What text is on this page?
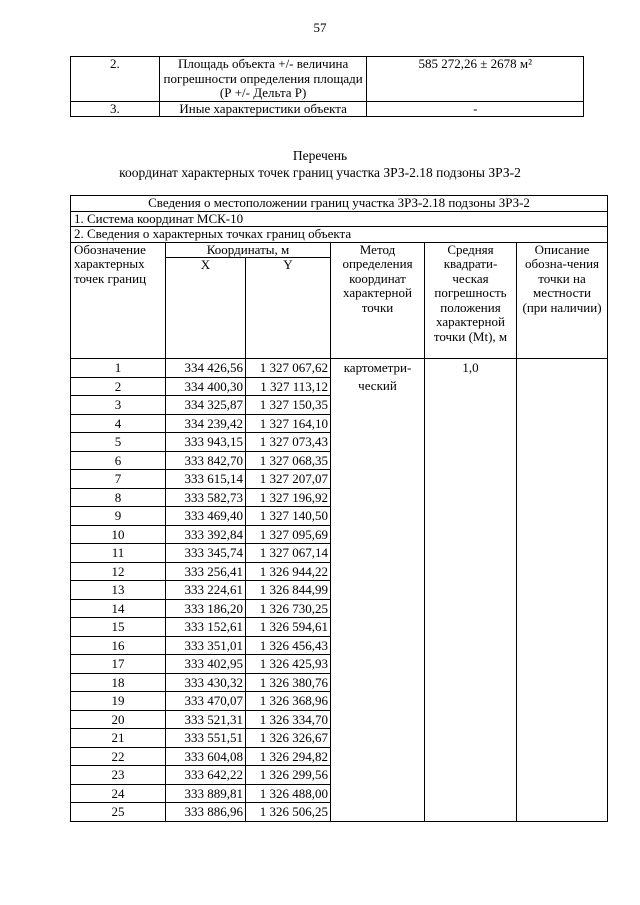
57
2.	Площадь объекта +/- величина погрешности определения площади (Р +/- Дельта Р)	585 272,26 ± 2678 м²
3.	Иные характеристики объекта	-
Перечень
координат характерных точек границ участка ЗРЗ-2.18 подзоны ЗРЗ-2
Сведения о местоположении границ участка ЗРЗ-2.18 подзоны ЗРЗ-2					
1. Система координат МСК-10					
2. Сведения о характерных точках границ объекта					
Обозначение характерных точек границ	Координаты, м		Метод определения координат характерной точки	Средняя квадрати-ческая погрешность положения характерной точки (Mt), м	Описание обозна-чения точки на местности (при наличии)
	X	Y			
1	334 426,56	1 327 067,62	картометри-ческий	1,0	
2	334 400,30	1 327 113,12			
3	334 325,87	1 327 150,35			
4	334 239,42	1 327 164,10			
5	333 943,15	1 327 073,43			
6	333 842,70	1 327 068,35			
7	333 615,14	1 327 207,07			
8	333 582,73	1 327 196,92			
9	333 469,40	1 327 140,50			
10	333 392,84	1 327 095,69			
11	333 345,74	1 327 067,14			
12	333 256,41	1 326 944,22			
13	333 224,61	1 326 844,99			
14	333 186,20	1 326 730,25			
15	333 152,61	1 326 594,61			
16	333 351,01	1 326 456,43			
17	333 402,95	1 326 425,93			
18	333 430,32	1 326 380,76			
19	333 470,07	1 326 368,96			
20	333 521,31	1 326 334,70			
21	333 551,51	1 326 326,67			
22	333 604,08	1 326 294,82			
23	333 642,22	1 326 299,56			
24	333 889,81	1 326 488,00			
25	333 886,96	1 326 506,25			
